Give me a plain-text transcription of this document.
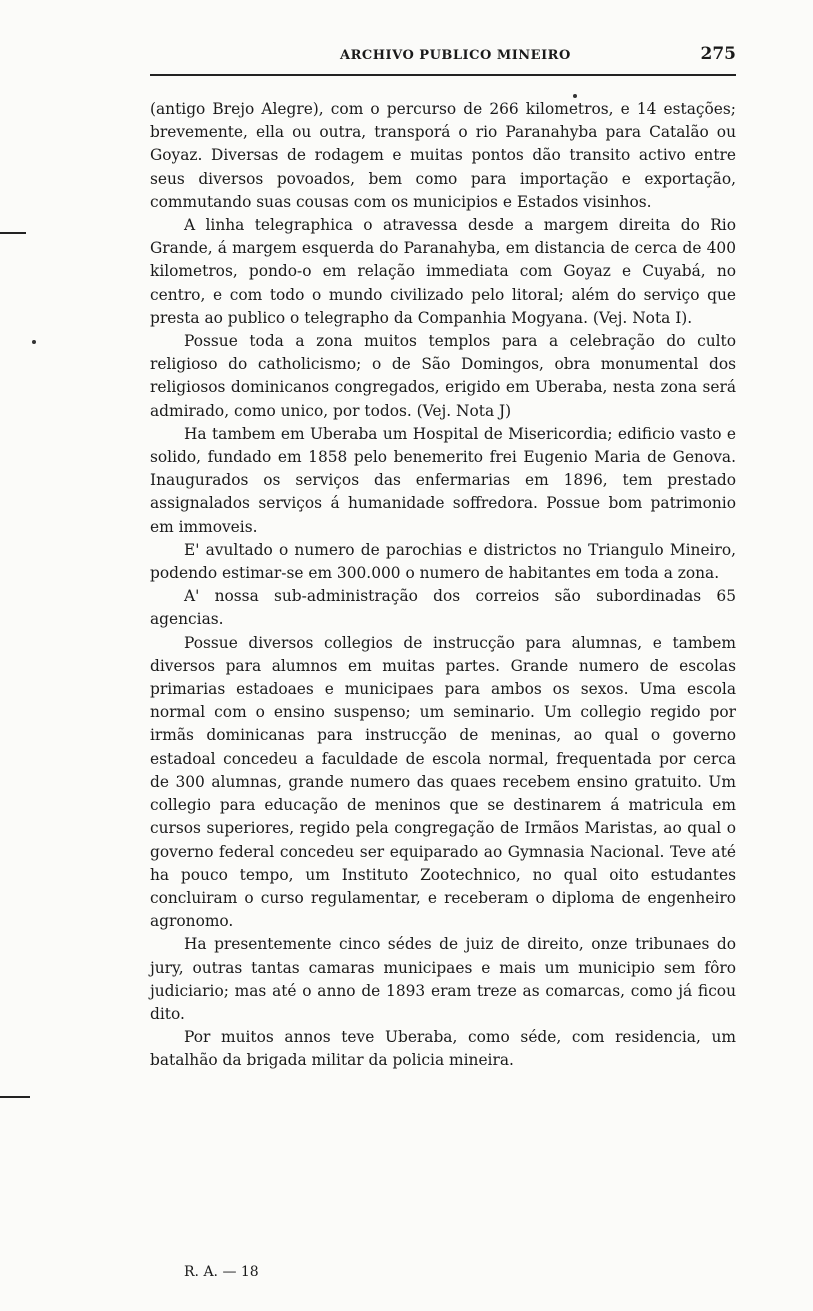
ARCHIVO PUBLICO MINEIRO	275

(antigo Brejo Alegre), com o percurso de 266 kilometros, e 14 estações; brevemente, ella ou outra, transporá o rio Paranahyba para Catalão ou Goyaz. Diversas de rodagem e muitas pontos dão transito activo entre seus diversos povoados, bem como para importação e exportação, commutando suas cousas com os municipios e Estados visinhos.

A linha telegraphica o atravessa desde a margem direita do Rio Grande, á margem esquerda do Paranahyba, em distancia de cerca de 400 kilometros, pondo-o em relação immediata com Goyaz e Cuyabá, no centro, e com todo o mundo civilizado pelo litoral; além do serviço que presta ao publico o telegrapho da Companhia Mogyana. (Vej. Nota I).

Possue toda a zona muitos templos para a celebração do culto religioso do catholicismo; o de São Domingos, obra monumental dos religiosos dominicanos congregados, erigido em Uberaba, nesta zona será admirado, como unico, por todos. (Vej. Nota J)

Ha tambem em Uberaba um Hospital de Misericordia; edificio vasto e solido, fundado em 1858 pelo benemerito frei Eugenio Maria de Genova. Inaugurados os serviços das enfermarias em 1896, tem prestado assignalados serviços á humanidade soffredora. Possue bom patrimonio em immoveis.

E' avultado o numero de parochias e districtos no Triangulo Mineiro, podendo estimar-se em 300.000 o numero de habitantes em toda a zona.

A' nossa sub-administração dos correios são subordinadas 65 agencias.

Possue diversos collegios de instrucção para alumnas, e tambem diversos para alumnos em muitas partes. Grande numero de escolas primarias estadoaes e municipaes para ambos os sexos. Uma escola normal com o ensino suspenso; um seminario. Um collegio regido por irmãs dominicanas para instrucção de meninas, ao qual o governo estadoal concedeu a faculdade de escola normal, frequentada por cerca de 300 alumnas, grande numero das quaes recebem ensino gratuito. Um collegio para educação de meninos que se destinarem á matricula em cursos superiores, regido pela congregação de Irmãos Maristas, ao qual o governo federal concedeu ser equiparado ao Gymnasia Nacional. Teve até ha pouco tempo, um Instituto Zootechnico, no qual oito estudantes concluiram o curso regulamentar, e receberam o diploma de engenheiro agronomo.

Ha presentemente cinco sédes de juiz de direito, onze tribunaes do jury, outras tantas camaras municipaes e mais um municipio sem fôro judiciario; mas até o anno de 1893 eram treze as comarcas, como já ficou dito.

Por muitos annos teve Uberaba, como séde, com residencia, um batalhão da brigada militar da policia mineira.

R. A. — 18
